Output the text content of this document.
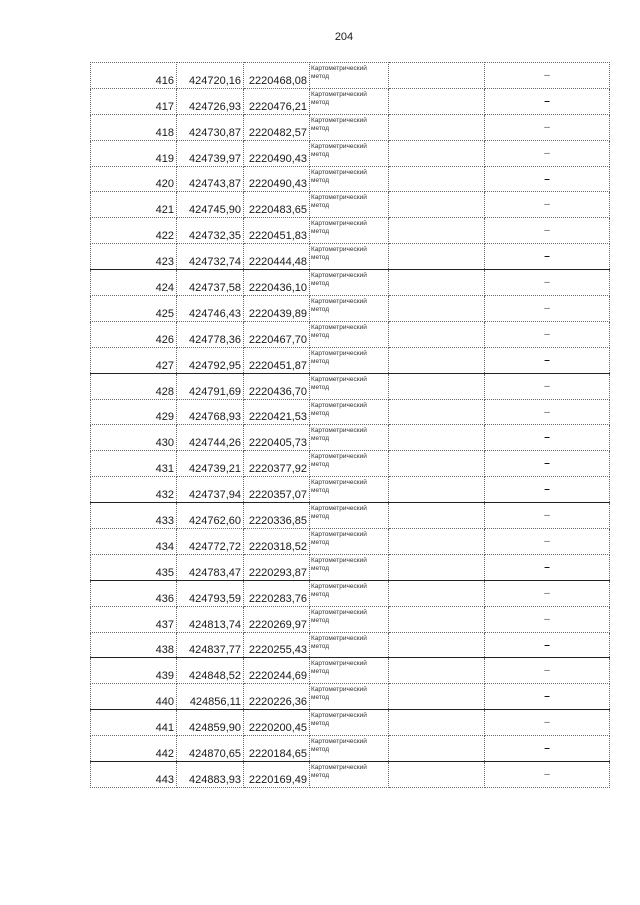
204
416	424720,16	2220468,08	Картометрический
метод		–
417	424726,93	2220476,21	Картометрический
метод		–
418	424730,87	2220482,57	Картометрический
метод		–
419	424739,97	2220490,43	Картометрический
метод		–
420	424743,87	2220490,43	Картометрический
метод		–
421	424745,90	2220483,65	Картометрический
метод		–
422	424732,35	2220451,83	Картометрический
метод		–
423	424732,74	2220444,48	Картометрический
метод		–
424	424737,58	2220436,10	Картометрический
метод		–
425	424746,43	2220439,89	Картометрический
метод		–
426	424778,36	2220467,70	Картометрический
метод		–
427	424792,95	2220451,87	Картометрический
метод		–
428	424791,69	2220436,70	Картометрический
метод		–
429	424768,93	2220421,53	Картометрический
метод		–
430	424744,26	2220405,73	Картометрический
метод		–
431	424739,21	2220377,92	Картометрический
метод		–
432	424737,94	2220357,07	Картометрический
метод		–
433	424762,60	2220336,85	Картометрический
метод		–
434	424772,72	2220318,52	Картометрический
метод		–
435	424783,47	2220293,87	Картометрический
метод		–
436	424793,59	2220283,76	Картометрический
метод		–
437	424813,74	2220269,97	Картометрический
метод		–
438	424837,77	2220255,43	Картометрический
метод		–
439	424848,52	2220244,69	Картометрический
метод		–
440	424856,11	2220226,36	Картометрический
метод		–
441	424859,90	2220200,45	Картометрический
метод		–
442	424870,65	2220184,65	Картометрический
метод		–
443	424883,93	2220169,49	Картометрический
метод		–
